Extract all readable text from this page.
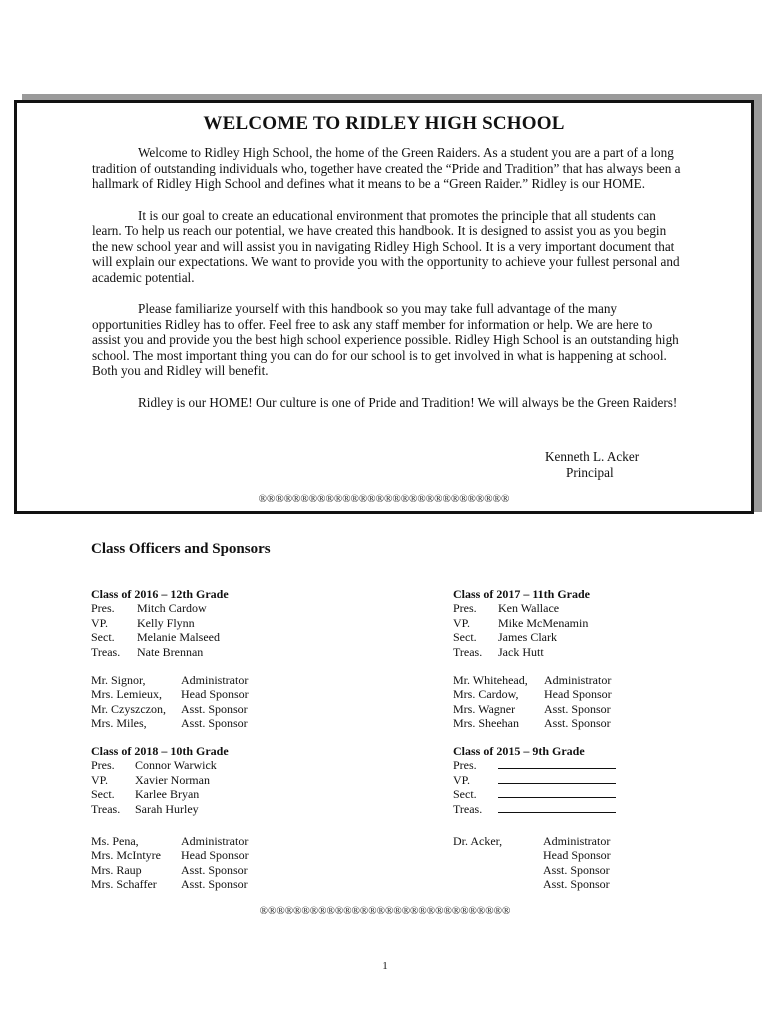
WELCOME TO RIDLEY HIGH SCHOOL

Welcome to Ridley High School, the home of the Green Raiders. As a student you are a part of a long tradition of outstanding individuals who, together have created the “Pride and Tradition” that has always been a hallmark of Ridley High School and defines what it means to be a “Green Raider.” Ridley is our HOME.

It is our goal to create an educational environment that promotes the principle that all students can learn. To help us reach our potential, we have created this handbook. It is designed to assist you as you begin the new school year and will assist you in navigating Ridley High School. It is a very important document that will explain our expectations. We want to provide you with the opportunity to achieve your fullest personal and academic potential.

Please familiarize yourself with this handbook so you may take full advantage of the many opportunities Ridley has to offer. Feel free to ask any staff member for information or help. We are here to assist you and provide you the best high school experience possible. Ridley High School is an outstanding high school. The most important thing you can do for our school is to get involved in what is happening at school. Both you and Ridley will benefit.

Ridley is our HOME! Our culture is one of Pride and Tradition! We will always be the Green Raiders!

Kenneth L. Acker
Principal
®®®®®®®®®®®®®®®®®®®®®®®®®®®®®®
Class Officers and Sponsors
Class of 2016 – 12th Grade
Pres. Mitch Cardow
VP. Kelly Flynn
Sect. Melanie Malseed
Treas. Nate Brennan
Mr. Signor,	Administrator
Mrs. Lemieux, Head Sponsor
Mr. Czyszczon, Asst. Sponsor
Mrs. Miles,	Asst. Sponsor
Class of 2017 – 11th Grade
Pres. Ken Wallace
VP. Mike McMenamin
Sect. James Clark
Treas. Jack Hutt
Mr. Whitehead, Administrator
Mrs. Cardow, Head Sponsor
Mrs. Wagner Asst. Sponsor
Mrs. Sheehan Asst. Sponsor
Class of 2018 – 10th Grade
Pres. Connor Warwick
VP. Xavier Norman
Sect. Karlee Bryan
Treas. Sarah Hurley
Ms. Pena,	Administrator
Mrs. McIntyre Head Sponsor
Mrs. Raup	Asst. Sponsor
Mrs. Schaffer Asst. Sponsor
Class of 2015 – 9th Grade
Pres.
VP.
Sect.
Treas.
Dr. Acker,	Administrator
Head Sponsor
Asst. Sponsor
Asst. Sponsor
®®®®®®®®®®®®®®®®®®®®®®®®®®®®®®
1
